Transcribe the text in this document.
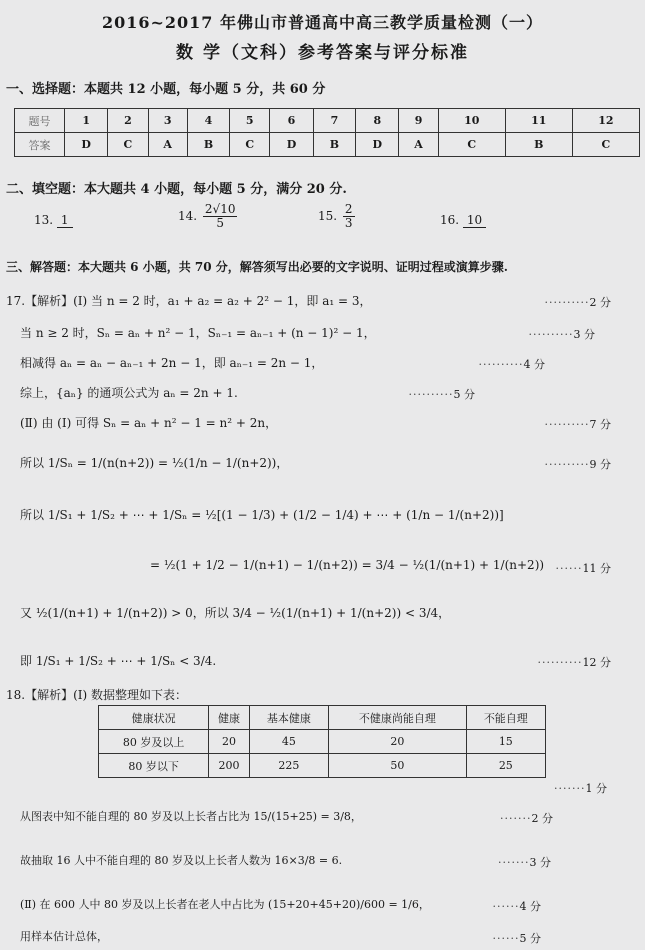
2016~2017 年佛山市普通高中高三教学质量检测（一）
数 学（文科）参考答案与评分标准
一、选择题：本题共 12 小题，每小题 5 分，共 60 分
题号	1	2	3	4	5	6	7	8	9	10	11	12
答案	D	C	A	B	C	D	B	D	A	C	B	C
二、填空题：本大题共 4 小题，每小题 5 分，满分 20 分.
13. 1	14. $\frac{2√10}{5}$	15. $\frac{2}{3}$	16. 10
三、解答题：本大题共 6 小题，共 70 分，解答须写出必要的文字说明、证明过程或演算步骤.
17.【解析】(Ⅰ) 当 n = 2 时，a₁ + a₂ = a₂ + 2² − 1，即 a₁ = 3，	··········2 分
当 n ≥ 2 时，Sₙ = aₙ + n² − 1，Sₙ₋₁ = aₙ₋₁ + (n − 1)² − 1，	··········3 分
相减得 aₙ = aₙ − aₙ₋₁ + 2n − 1，即 aₙ₋₁ = 2n − 1，	··········4 分
综上，{aₙ} 的通项公式为 aₙ = 2n + 1.	··········5 分
(Ⅱ) 由 (Ⅰ) 可得 Sₙ = aₙ + n² − 1 = n² + 2n，	··········7 分
所以 1/Sₙ = 1/(n(n+2)) = ½(1/n − 1/(n+2))，	··········9 分
所以 1/S₁ + 1/S₂ + ⋯ + 1/Sₙ = ½[(1 − 1/3) + (1/2 − 1/4) + ⋯ + (1/n − 1/(n+2))]
= ½(1 + 1/2 − 1/(n+1) − 1/(n+2)) = 3/4 − ½(1/(n+1) + 1/(n+2)) ······11 分
又 ½(1/(n+1) + 1/(n+2)) > 0，所以 3/4 − ½(1/(n+1) + 1/(n+2)) < 3/4，
即 1/S₁ + 1/S₂ + ⋯ + 1/Sₙ < 3/4.	··········12 分
18.【解析】(Ⅰ) 数据整理如下表：
健康状况	健康	基本健康	不健康尚能自理	不能自理
80 岁及以上	20	45	20	15
80 岁以下	200	225	50	25
·······1 分
从图表中知不能自理的 80 岁及以上长者占比为 15/(15+25) = 3/8，	·······2 分
故抽取 16 人中不能自理的 80 岁及以上长者人数为 16×3/8 = 6.	·······3 分
(Ⅱ) 在 600 人中 80 岁及以上长者在老人中占比为 (15+20+45+20)/600 = 1/6，	······4 分
用样本估计总体，	······5 分
